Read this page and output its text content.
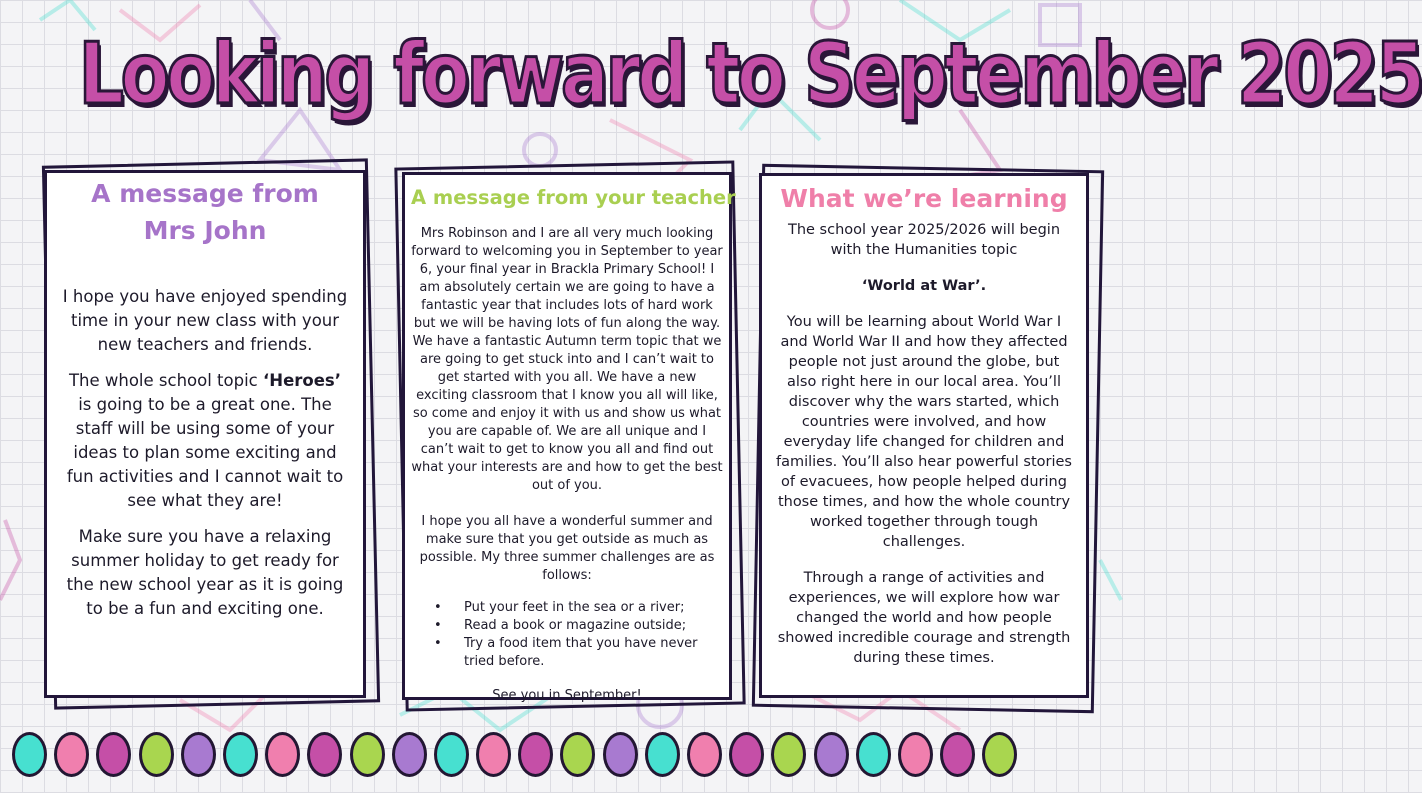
Looking forward to September 2025
A message from
Mrs John

I hope you have enjoyed spending time in your new class with your new teachers and friends.

The whole school topic ‘Heroes’ is going to be a great one. The staff will be using some of your ideas to plan some exciting and fun activities and I cannot wait to see what they are!

Make sure you have a relaxing summer holiday to get ready for the new school year as it is going to be a fun and exciting one.

A message from your teacher

Mrs Robinson and I are all very much looking forward to welcoming you in September to year 6, your final year in Brackla Primary School! I am absolutely certain we are going to have a fantastic year that includes lots of hard work but we will be having lots of fun along the way. We have a fantastic Autumn term topic that we are going to get stuck into and I can’t wait to get started with you all. We have a new exciting classroom that I know you all will like, so come and enjoy it with us and show us what you are capable of. We are all unique and I can’t wait to get to know you all and find out what your interests are and how to get the best out of you.

I hope you all have a wonderful summer and make sure that you get outside as much as possible. My three summer challenges are as follows:

• Put your feet in the sea or a river;
• Read a book or magazine outside;
• Try a food item that you have never tried before.

See you in September!

What we’re learning

The school year 2025/2026 will begin with the Humanities topic

‘World at War’.

You will be learning about World War I and World War II and how they affected people not just around the globe, but also right here in our local area. You’ll discover why the wars started, which countries were involved, and how everyday life changed for children and families. You’ll also hear powerful stories of evacuees, how people helped during those times, and how the whole country worked together through tough challenges.

Through a range of activities and experiences, we will explore how war changed the world and how people showed incredible courage and strength during these times.
